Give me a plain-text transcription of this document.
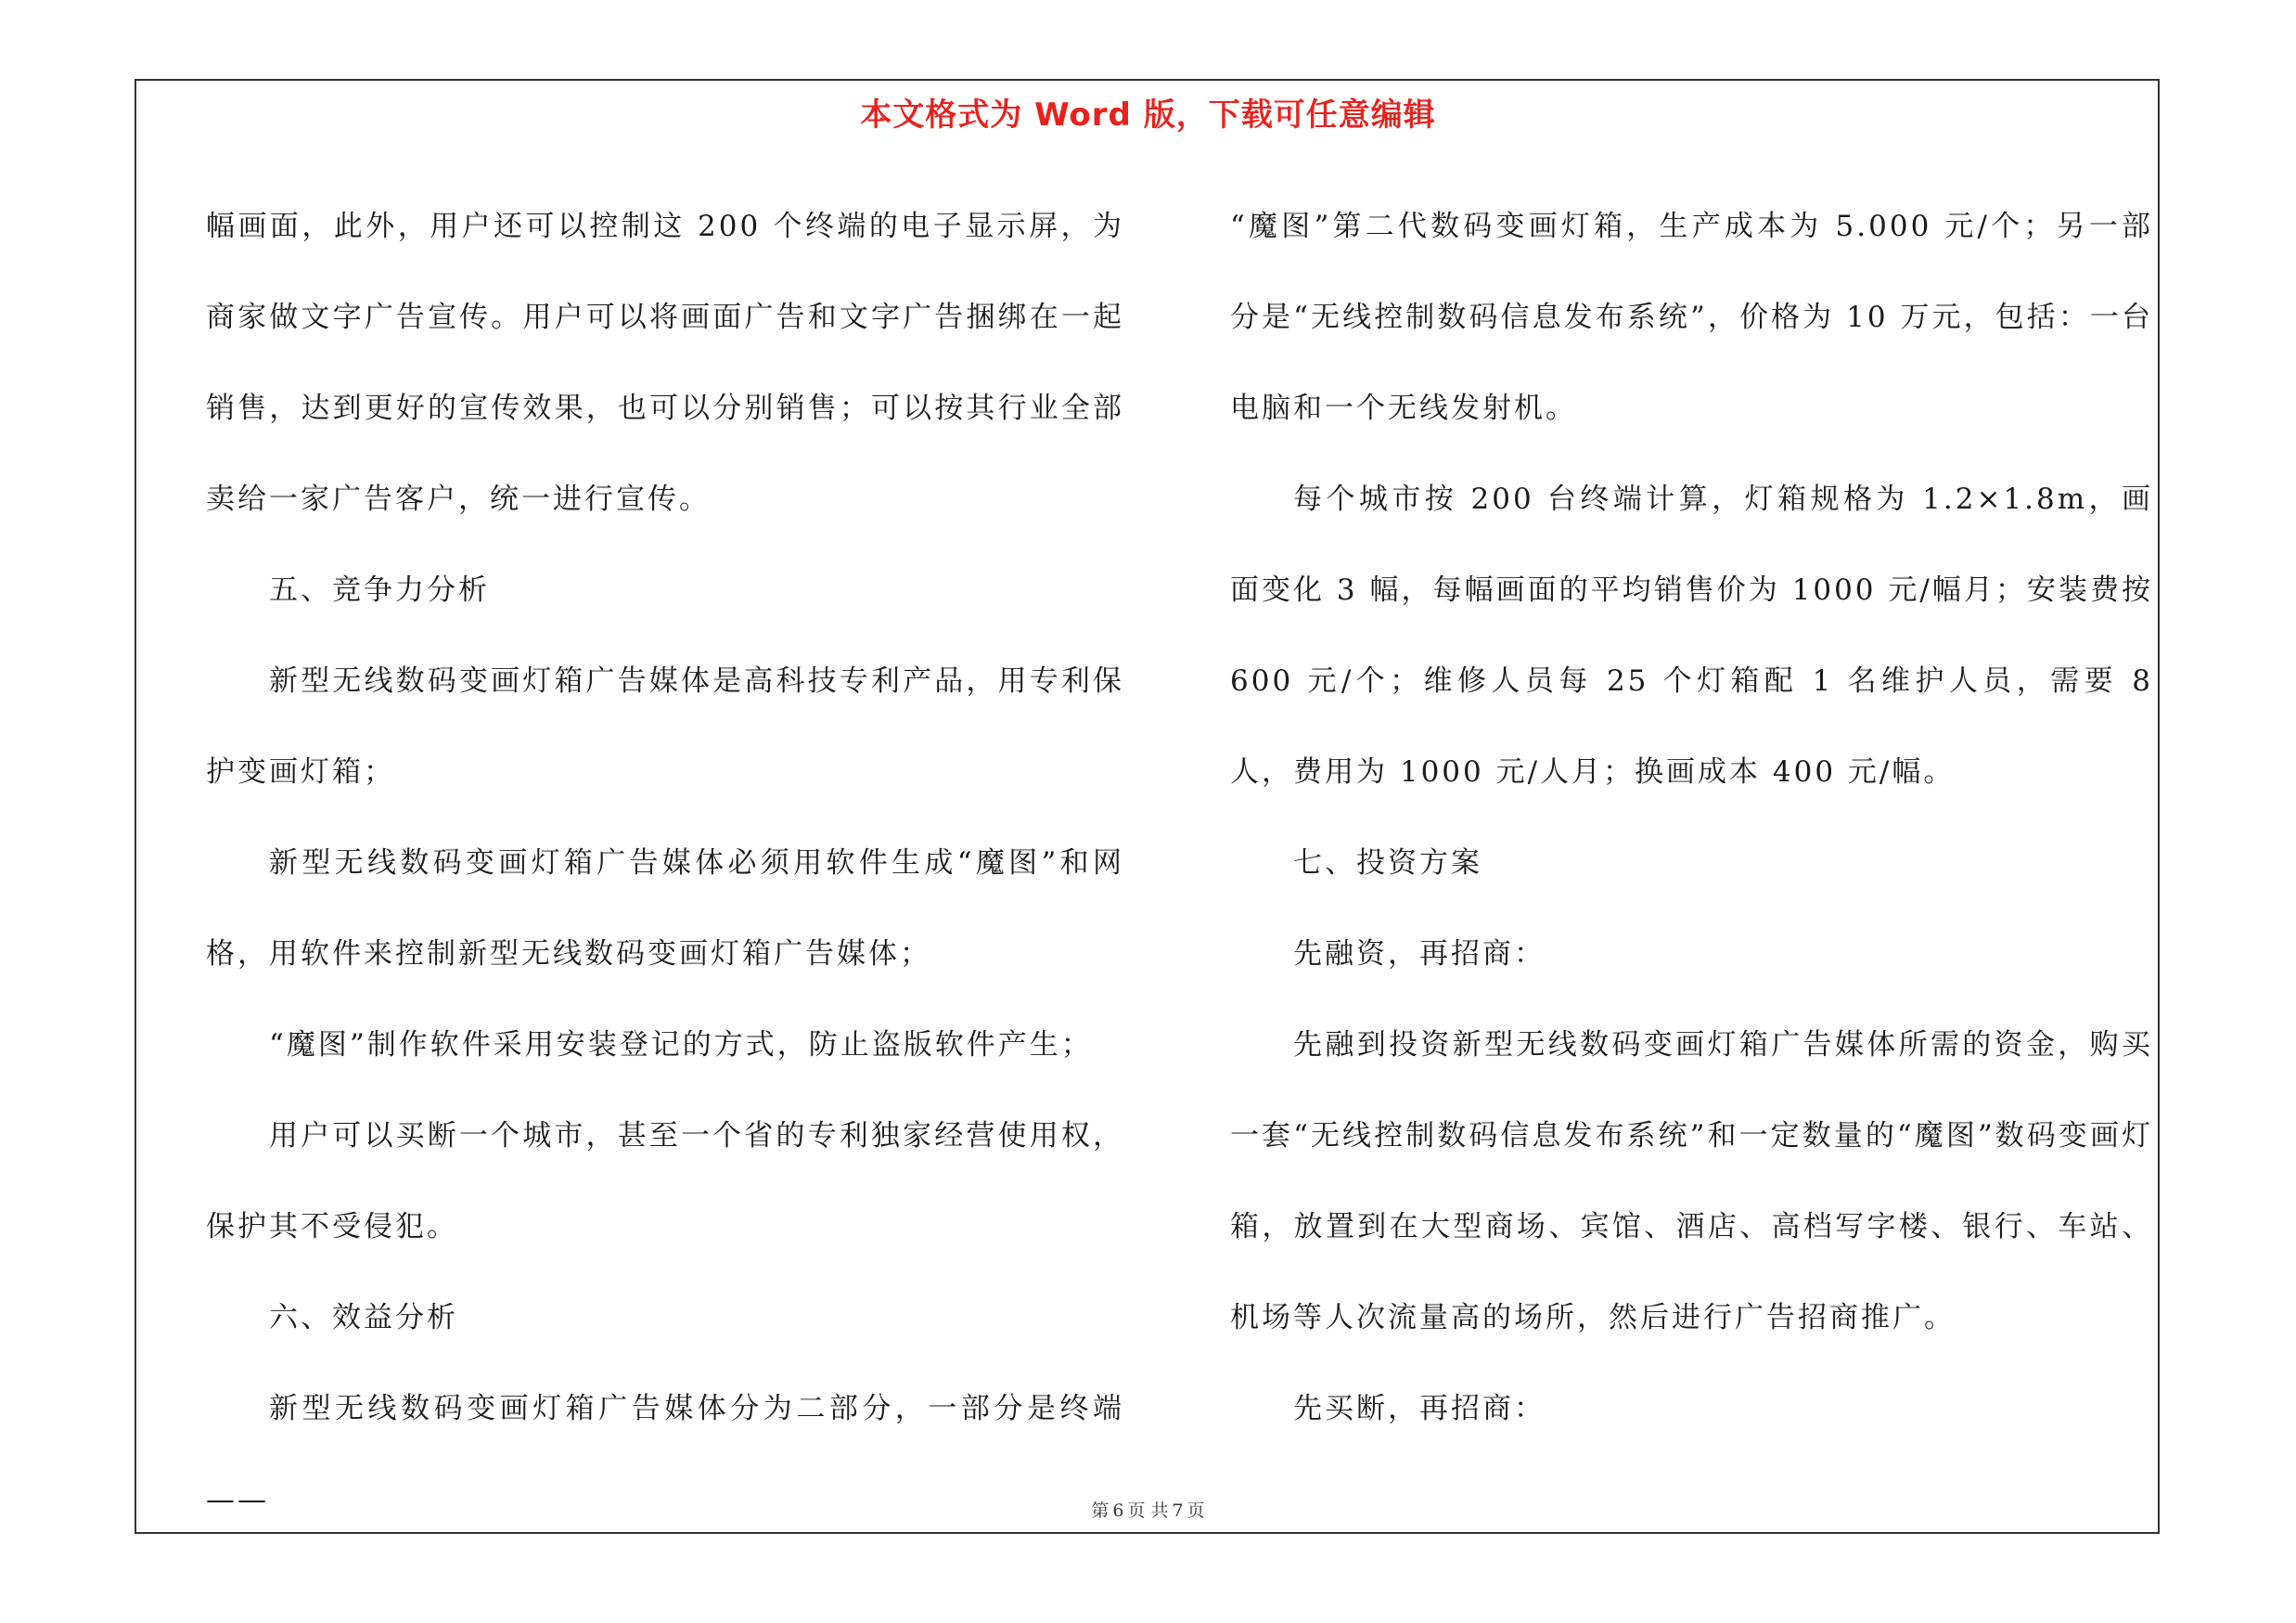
本文格式为 Word 版，下载可任意编辑

幅画面，此外，用户还可以控制这 200 个终端的电子显示屏，为商家做文字广告宣传。用户可以将画面广告和文字广告捆绑在一起销售，达到更好的宣传效果，也可以分别销售；可以按其行业全部卖给一家广告客户，统一进行宣传。

五、竞争力分析

新型无线数码变画灯箱广告媒体是高科技专利产品，用专利保护变画灯箱；

新型无线数码变画灯箱广告媒体必须用软件生成“魔图”和网格，用软件来控制新型无线数码变画灯箱广告媒体；

“魔图”制作软件采用安装登记的方式，防止盗版软件产生；

用户可以买断一个城市，甚至一个省的专利独家经营使用权，保护其不受侵犯。

六、效益分析

新型无线数码变画灯箱广告媒体分为二部分，一部分是终端——

“魔图”第二代数码变画灯箱，生产成本为 5.000 元/个；另一部分是“无线控制数码信息发布系统”，价格为 10 万元，包括：一台电脑和一个无线发射机。

每个城市按 200 台终端计算，灯箱规格为 1.2×1.8m，画面变化 3 幅，每幅画面的平均销售价为 1000 元/幅月；安装费按 600 元/个；维修人员每 25 个灯箱配 1 名维护人员，需要 8 人，费用为 1000 元/人月；换画成本 400 元/幅。

七、投资方案

先融资，再招商：

先融到投资新型无线数码变画灯箱广告媒体所需的资金，购买一套“无线控制数码信息发布系统”和一定数量的“魔图”数码变画灯箱，放置到在大型商场、宾馆、酒店、高档写字楼、银行、车站、机场等人次流量高的场所，然后进行广告招商推广。

先买断，再招商：

第 6 页 共 7 页
